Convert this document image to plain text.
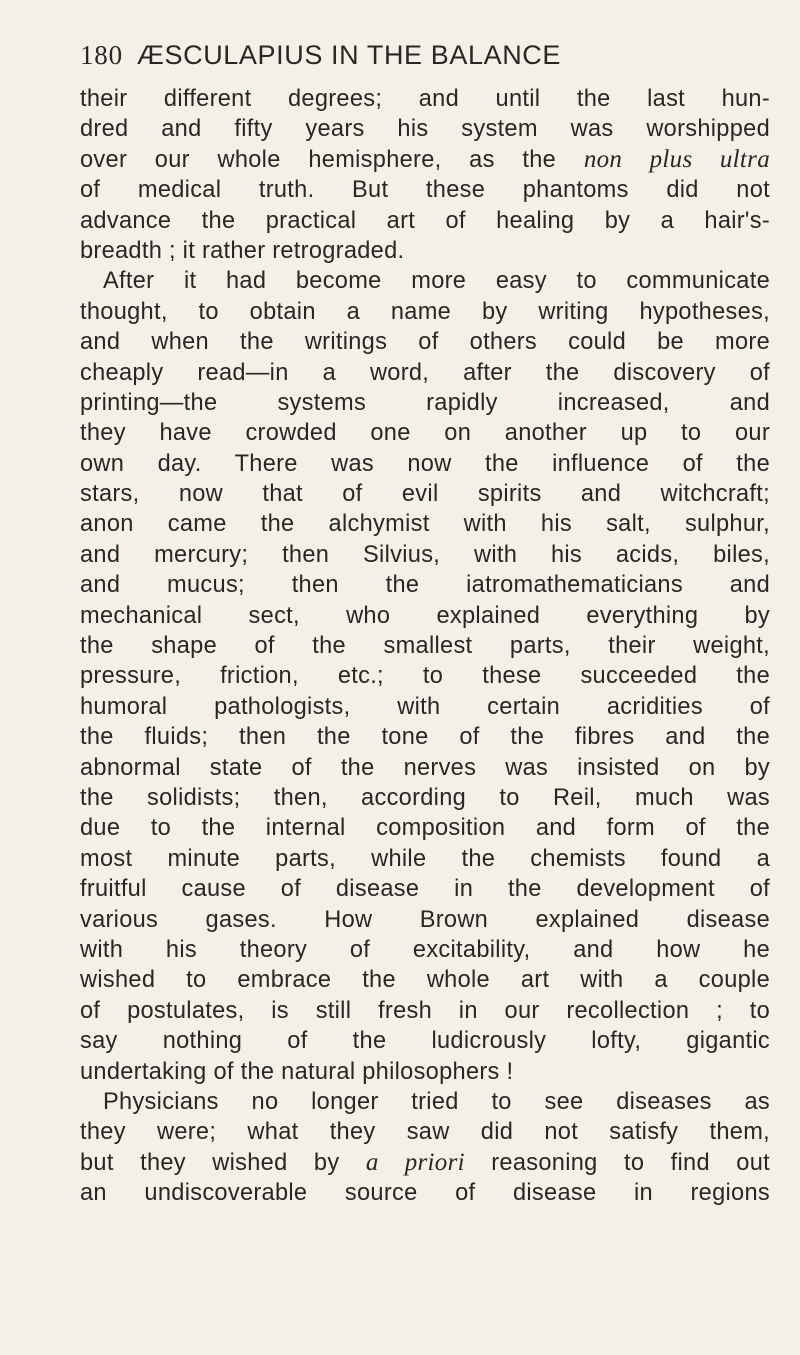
180 ÆSCULAPIUS IN THE BALANCE
their different degrees; and until the last hun-
dred and fifty years his system was worshipped
over our whole hemisphere, as the non plus ultra
of medical truth. But these phantoms did not
advance the practical art of healing by a hair's-
breadth ; it rather retrograded.
After it had become more easy to communicate
thought, to obtain a name by writing hypotheses,
and when the writings of others could be more
cheaply read—in a word, after the discovery of
printing—the systems rapidly increased, and
they have crowded one on another up to our
own day. There was now the influence of the
stars, now that of evil spirits and witchcraft;
anon came the alchymist with his salt, sulphur,
and mercury; then Silvius, with his acids, biles,
and mucus; then the iatromathematicians and
mechanical sect, who explained everything by
the shape of the smallest parts, their weight,
pressure, friction, etc.; to these succeeded the
humoral pathologists, with certain acridities of
the fluids; then the tone of the fibres and the
abnormal state of the nerves was insisted on by
the solidists; then, according to Reil, much was
due to the internal composition and form of the
most minute parts, while the chemists found a
fruitful cause of disease in the development of
various gases. How Brown explained disease
with his theory of excitability, and how he
wished to embrace the whole art with a couple
of postulates, is still fresh in our recollection ; to
say nothing of the ludicrously lofty, gigantic
undertaking of the natural philosophers !
Physicians no longer tried to see diseases as
they were; what they saw did not satisfy them,
but they wished by a priori reasoning to find out
an undiscoverable source of disease in regions
